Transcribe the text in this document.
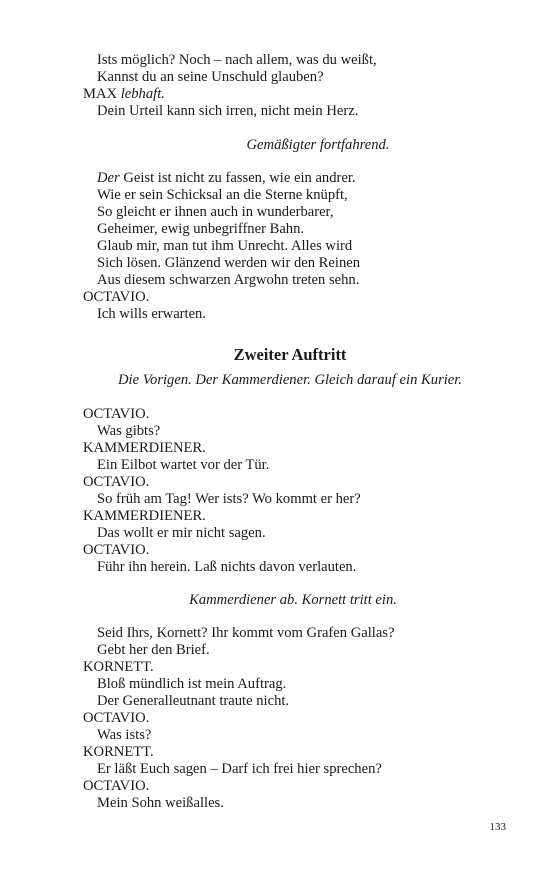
Ists möglich? Noch – nach allem, was du weißt,
Kannst du an seine Unschuld glauben?
MAX lebhaft.
Dein Urteil kann sich irren, nicht mein Herz.
Gemäßigter fortfahrend.
Der Geist ist nicht zu fassen, wie ein andrer.
Wie er sein Schicksal an die Sterne knüpft,
So gleicht er ihnen auch in wunderbarer,
Geheimer, ewig unbegriffner Bahn.
Glaub mir, man tut ihm Unrecht. Alles wird
Sich lösen. Glänzend werden wir den Reinen
Aus diesem schwarzen Argwohn treten sehn.
OCTAVIO.
Ich wills erwarten.
Zweiter Auftritt
Die Vorigen. Der Kammerdiener. Gleich darauf ein Kurier.
OCTAVIO.
Was gibts?
KAMMERDIENER.
Ein Eilbot wartet vor der Tür.
OCTAVIO.
So früh am Tag! Wer ists? Wo kommt er her?
KAMMERDIENER.
Das wollt er mir nicht sagen.
OCTAVIO.
Führ ihn herein. Laß nichts davon verlauten.
Kammerdiener ab. Kornett tritt ein.
Seid Ihrs, Kornett? Ihr kommt vom Grafen Gallas?
Gebt her den Brief.
KORNETT.
Bloß mündlich ist mein Auftrag.
Der Generalleutnant traute nicht.
OCTAVIO.
Was ists?
KORNETT.
Er läßt Euch sagen – Darf ich frei hier sprechen?
OCTAVIO.
Mein Sohn weißalles.
133
